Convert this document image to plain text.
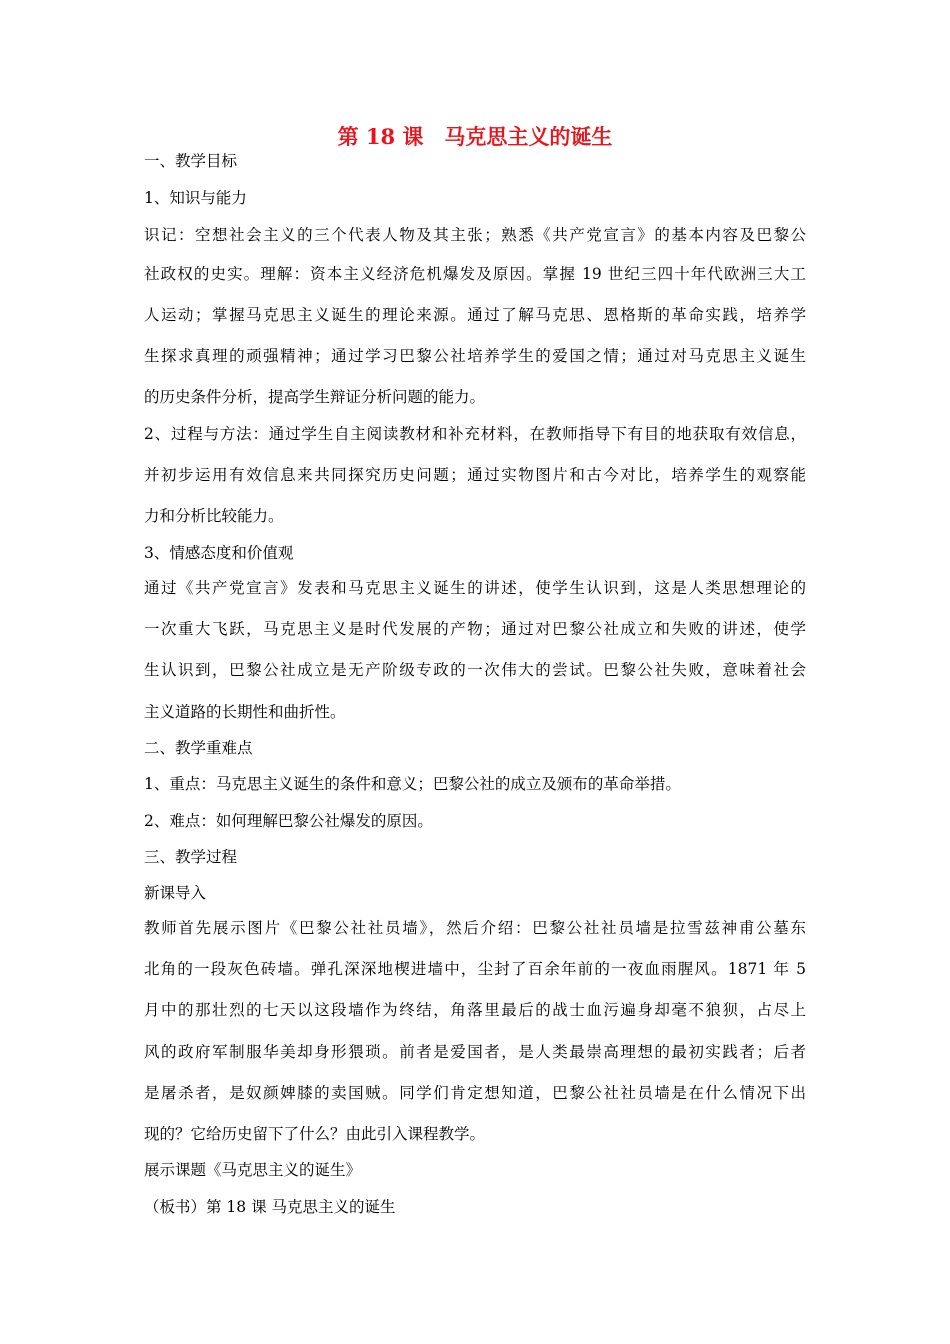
第 18 课　马克思主义的诞生
一、教学目标
1、知识与能力
识记：空想社会主义的三个代表人物及其主张；熟悉《共产党宣言》的基本内容及巴黎公
社政权的史实。理解：资本主义经济危机爆发及原因。掌握 19 世纪三四十年代欧洲三大工
人运动；掌握马克思主义诞生的理论来源。通过了解马克思、恩格斯的革命实践，培养学
生探求真理的顽强精神；通过学习巴黎公社培养学生的爱国之情；通过对马克思主义诞生
的历史条件分析，提高学生辩证分析问题的能力。
2、过程与方法：通过学生自主阅读教材和补充材料，在教师指导下有目的地获取有效信息，
并初步运用有效信息来共同探究历史问题；通过实物图片和古今对比，培养学生的观察能
力和分析比较能力。
3、情感态度和价值观
通过《共产党宣言》发表和马克思主义诞生的讲述，使学生认识到，这是人类思想理论的
一次重大飞跃，马克思主义是时代发展的产物；通过对巴黎公社成立和失败的讲述，使学
生认识到，巴黎公社成立是无产阶级专政的一次伟大的尝试。巴黎公社失败，意味着社会
主义道路的长期性和曲折性。
二、教学重难点
1、重点：马克思主义诞生的条件和意义；巴黎公社的成立及颁布的革命举措。
2、难点：如何理解巴黎公社爆发的原因。
三、教学过程
新课导入
教师首先展示图片《巴黎公社社员墙》，然后介绍：巴黎公社社员墙是拉雪兹神甫公墓东
北角的一段灰色砖墙。弹孔深深地楔进墙中，尘封了百余年前的一夜血雨腥风。1871 年 5
月中的那壮烈的七天以这段墙作为终结，角落里最后的战士血污遍身却毫不狼狈，占尽上
风的政府军制服华美却身形猥琐。前者是爱国者，是人类最崇高理想的最初实践者；后者
是屠杀者，是奴颜婢膝的卖国贼。同学们肯定想知道，巴黎公社社员墙是在什么情况下出
现的？它给历史留下了什么？由此引入课程教学。
展示课题《马克思主义的诞生》
（板书）第 18 课 马克思主义的诞生
